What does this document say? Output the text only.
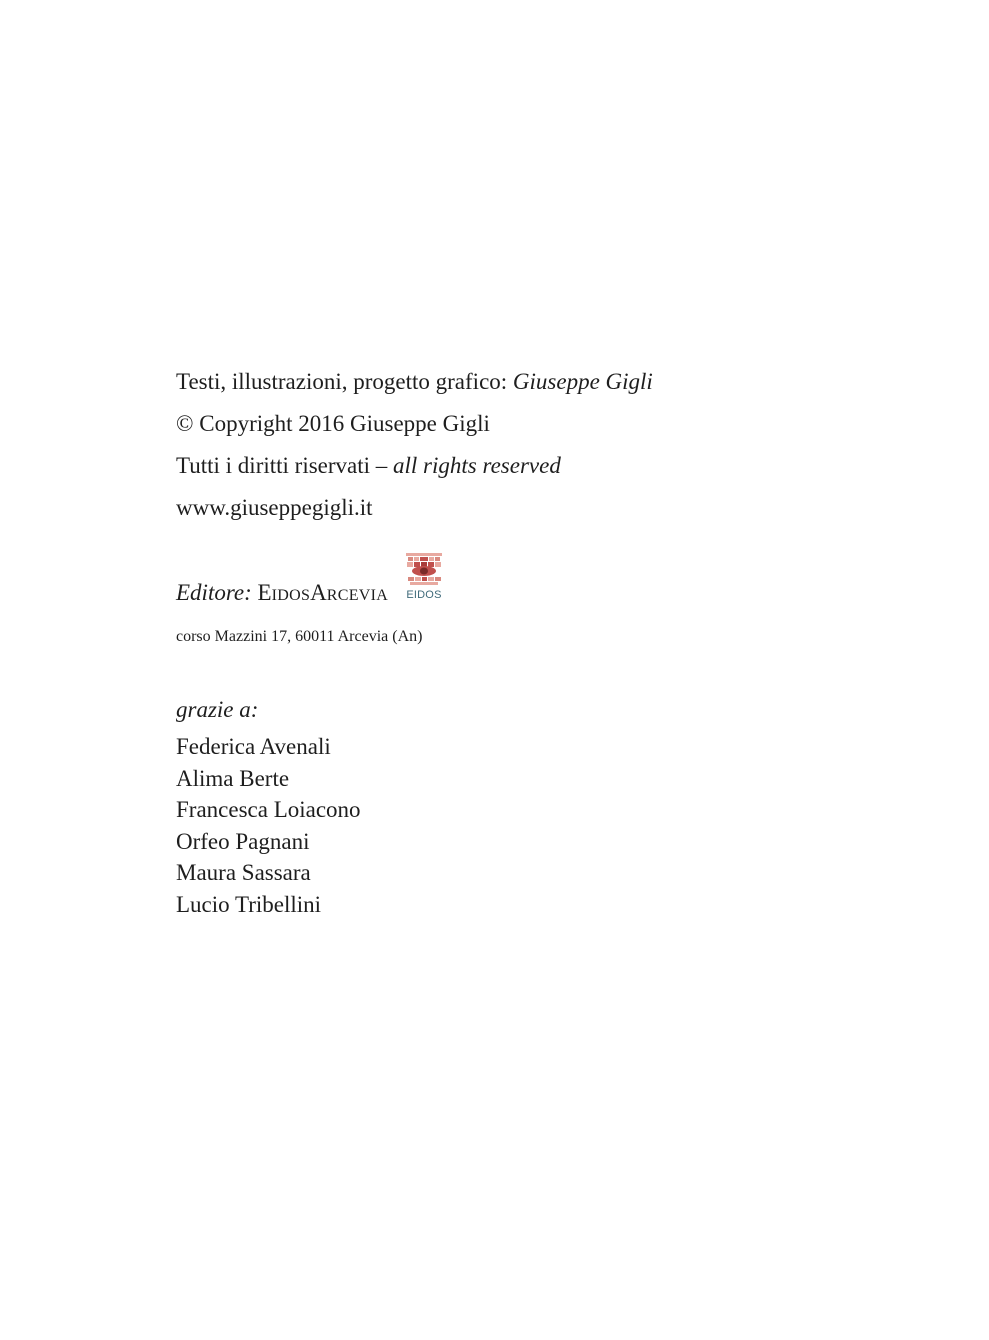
Testi, illustrazioni, progetto grafico: Giuseppe Gigli
© Copyright 2016 Giuseppe Gigli
Tutti i diritti riservati – all rights reserved
www.giuseppegigli.it
Editore: EIDOSARCEVIA	EIDOS
corso Mazzini 17, 60011 Arcevia (An)
grazie a:
Federica Avenali
Alima Berte
Francesca Loiacono
Orfeo Pagnani
Maura Sassara
Lucio Tribellini
